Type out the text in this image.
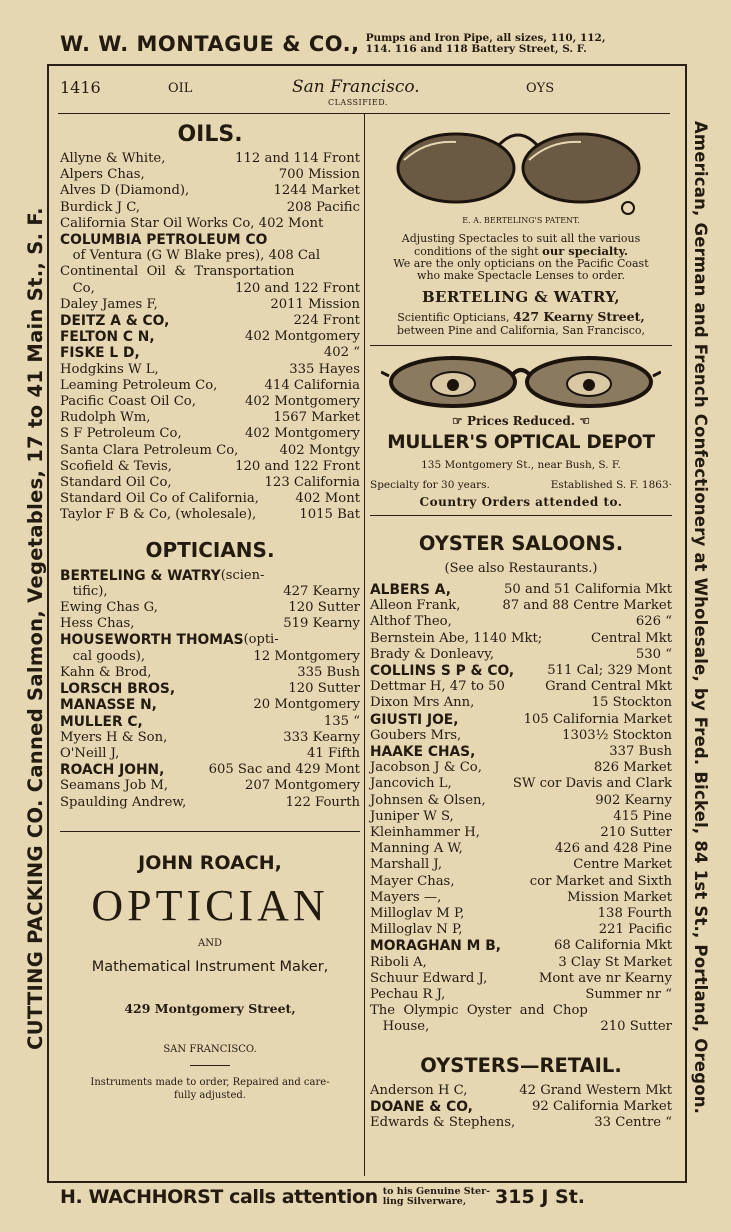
W. W. MONTAGUE & CO., Pumps and Iron Pipe, all sizes, 110, 112,
114. 116 and 118 Battery Street, S. F.
CUTTING PACKING CO. Canned Salmon, Vegetables, 17 to 41 Main St., S. F.	American, German and French Confectionery at Wholesale, by Fred. Bickel, 84 1st St., Portland, Oregon.
1416	OIL	San Francisco.	OYS
CLASSIFIED.
OILS.
Allyne & White,	112 and 114 Front
Alpers Chas,	700 Mission
Alves D (Diamond),	1244 Market
Burdick J C,	208 Pacific
California Star Oil Works Co, 402 Mont
COLUMBIA PETROLEUM CO
of Ventura (G W Blake pres), 408 Cal
Continental  Oil  &  Transportation
Co,	120 and 122 Front
Daley James F,	2011 Mission
DEITZ A & CO,	224 Front
FELTON C N,	402 Montgomery
FISKE L D,	402 “
Hodgkins W L,	335 Hayes
Leaming Petroleum Co,	414 California
Pacific Coast Oil Co,	402 Montgomery
Rudolph Wm,	1567 Market
S F Petroleum Co,	402 Montgomery
Santa Clara Petroleum Co,	402 Montgy
Scofield & Tevis,	120 and 122 Front
Standard Oil Co,	123 California
Standard Oil Co of California,	402 Mont
Taylor F B & Co, (wholesale),	1015 Bat
OPTICIANS.
BERTELING & WATRY (scien-
tific),	427 Kearny
Ewing Chas G,	120 Sutter
Hess Chas,	519 Kearny
HOUSEWORTH THOMAS (opti-
cal goods),	12 Montgomery
Kahn & Brod,	335 Bush
LORSCH BROS,	120 Sutter
MANASSE N,	20 Montgomery
MULLER C,	135 “
Myers H & Son,	333 Kearny
O'Neill J,	41 Fifth
ROACH JOHN,	605 Sac and 429 Mont
Seamans Job M,	207 Montgomery
Spaulding Andrew,	122 Fourth
JOHN ROACH,
OPTICIAN
AND
Mathematical Instrument Maker,
429 Montgomery Street,
SAN FRANCISCO.
Instruments made to order, Repaired and care-
fully adjusted.
E. A. BERTELING'S PATENT.
Adjusting Spectacles to suit all the various
conditions of the sight our specialty.
We are the only opticians on the Pacific Coast
who make Spectacle Lenses to order.
BERTELING & WATRY,
Scientific Opticians, 427 Kearny Street,
between Pine and California, San Francisco,
☞ Prices Reduced. ☜
MULLER'S OPTICAL DEPOT
135 Montgomery St., near Bush, S. F.
Specialty for 30 years.	Established S. F. 1863·
Country Orders attended to.
OYSTER SALOONS.
(See also Restaurants.)
ALBERS A,	50 and 51 California Mkt
Alleon Frank,	87 and 88 Centre Market
Althof Theo,	626 “
Bernstein Abe, 1140 Mkt;	Central Mkt
Brady & Donleavy,	530 “
COLLINS S P & CO,	511 Cal; 329 Mont
Dettmar H, 47 to 50	Grand Central Mkt
Dixon Mrs Ann,	15 Stockton
GIUSTI JOE,	105 California Market
Goubers Mrs,	1303½ Stockton
HAAKE CHAS,	337 Bush
Jacobson J & Co,	826 Market
Jancovich L,	SW cor Davis and Clark
Johnsen & Olsen,	902 Kearny
Juniper W S,	415 Pine
Kleinhammer H,	210 Sutter
Manning A W,	426 and 428 Pine
Marshall J,	Centre Market
Mayer Chas,	cor Market and Sixth
Mayers —,	Mission Market
Milloglav M P,	138 Fourth
Milloglav N P,	221 Pacific
MORAGHAN M B,	68 California Mkt
Riboli A,	3 Clay St Market
Schuur Edward J,	Mont ave nr Kearny
Pechau R J,	Summer nr “
The  Olympic  Oyster  and  Chop
House,	210 Sutter
OYSTERS—RETAIL.
Anderson H C,	42 Grand Western Mkt
DOANE & CO,	92 California Market
Edwards & Stephens,	33 Centre “
H. WACHHORST calls attention to his Genuine Ster-
ling Silverware,	315 J St.
